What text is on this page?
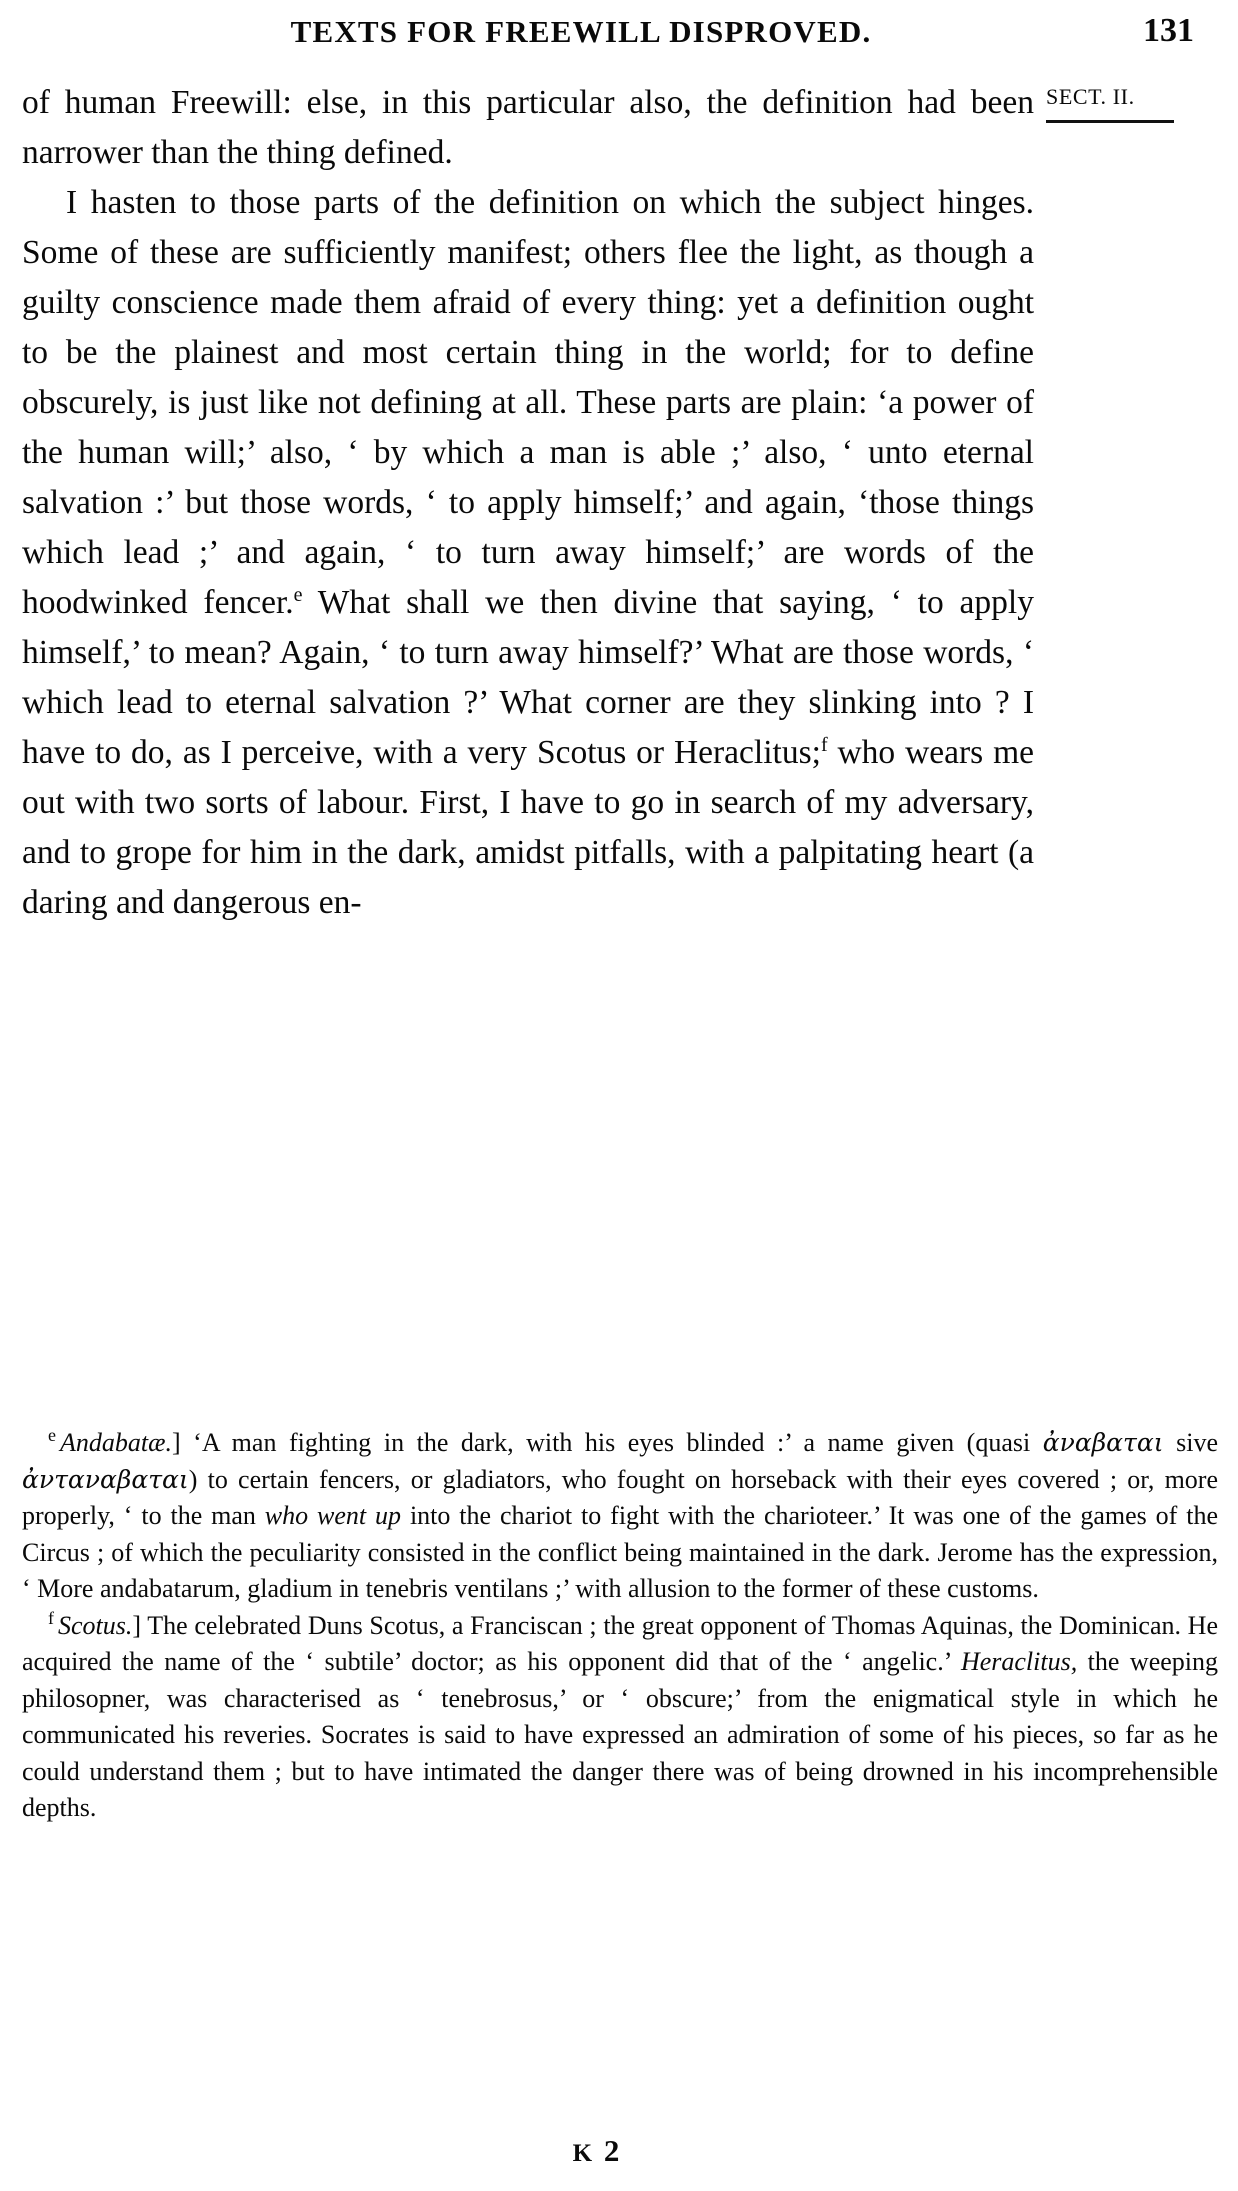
TEXTS FOR FREEWILL DISPROVED.	131
SECT. II.

of human Freewill: else, in this particular also, the definition had been narrower than the thing defined.

I hasten to those parts of the definition on which the subject hinges. Some of these are sufficiently manifest; others flee the light, as though a guilty conscience made them afraid of every thing: yet a definition ought to be the plainest and most certain thing in the world; for to define obscurely, is just like not defining at all. These parts are plain: ‘a power of the human will;’ also, ‘ by which a man is able ;’ also, ‘ unto eternal salvation :’ but those words, ‘ to apply himself;’ and again, ‘those things which lead ;’ and again, ‘ to turn away himself;’ are words of the hoodwinked fencer.$^e$ What shall we then divine that saying, ‘ to apply himself,’ to mean? Again, ‘ to turn away himself?’ What are those words, ‘ which lead to eternal salvation ?’ What corner are they slinking into ? I have to do, as I perceive, with a very Scotus or Heraclitus;$^f$ who wears me out with two sorts of labour. First, I have to go in search of my adversary, and to grope for him in the dark, amidst pitfalls, with a palpitating heart (a daring and dangerous en-

$^e$ Andabatæ.] ‘A man fighting in the dark, with his eyes blinded :’ a name given (quasi ἀναβαται sive ἀνταναβαται) to certain fencers, or gladiators, who fought on horseback with their eyes covered ; or, more properly, ‘ to the man who went up into the chariot to fight with the charioteer.’ It was one of the games of the Circus ; of which the peculiarity consisted in the conflict being maintained in the dark. Jerome has the expression, ‘ More andabatarum, gladium in tenebris ventilans ;’ with allusion to the former of these customs.

$^f$ Scotus.] The celebrated Duns Scotus, a Franciscan ; the great opponent of Thomas Aquinas, the Dominican. He acquired the name of the ‘ subtile’ doctor; as his opponent did that of the ‘ angelic.’ Heraclitus, the weeping philosopner, was characterised as ‘ tenebrosus,’ or ‘ obscure;’ from the enigmatical style in which he communicated his reveries. Socrates is said to have expressed an admiration of some of his pieces, so far as he could understand them ; but to have intimated the danger there was of being drowned in his incomprehensible depths.

K 2
